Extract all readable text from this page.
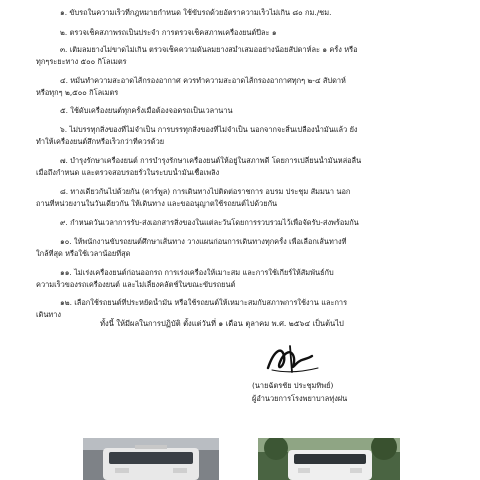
๑. ขับรถในความเร็วที่กฎหมายกำหนด ใช้ขับรถด้วยอัตราความเร็วไม่เกิน ๘๐ กม./ชม.
๒. ตรวจเช็คสภาพรถเป็นประจำ การตรวจเช็คสภาพเครื่องยนต์ปีละ ๑
๓. เติมลมยางไม่ขาดไม่เกิน ตรวจเช็คความดันลมยางสม่ำเสมออย่างน้อยสัปดาห์ละ ๑ ครั้ง หรือ
ทุกๆระยะทาง ๕๐๐ กิโลเมตร
๔. หมั่นทำความสะอาดไส้กรองอากาศ ควรทำความสะอาดไส้กรองอากาศทุกๆ ๒-๔ สัปดาห์
หรือทุกๆ ๒,๕๐๐ กิโลเมตร
๕. ใช้ดับเครื่องยนต์ทุกครั้งเมื่อต้องจอดรถเป็นเวลานาน
๖. ไม่บรรทุกสิ่งของที่ไม่จำเป็น การบรรทุกสิ่งของที่ไม่จำเป็น นอกจากจะสิ้นเปลืองน้ำมันแล้ว ยัง
ทำให้เครื่องยนต์สึกหรือเร็วกว่าที่ควรด้วย
๗. บำรุงรักษาเครื่องยนต์ การบำรุงรักษาเครื่องยนต์ให้อยู่ในสภาพดี โดยการเปลี่ยนน้ำมันหล่อลื่น
เมื่อถึงกำหนด และตรวจสอบรอยรั่วในระบบน้ำมันเชื้อเพลิง
๘. ทางเดียวกันไปด้วยกัน (คาร์พูล) การเดินทางไปติดต่อราชการ อบรม ประชุม สัมมนา นอก
ถานที่หน่วยงานในวันเดียวกัน ให้เดินทาง และขออนุญาตใช้รถยนต์ไปด้วยกัน
๙. กำหนดวันเวลาการรับ-ส่งเอกสารสิ่งของในแต่ละวันโดยการรวบรวมไว้เพื่อจัดรับ-ส่งพร้อมกัน
๑๐. ให้พนักงานขับรถยนต์ศึกษาเส้นทาง วางแผนก่อนการเดินทางทุกครั้ง เพื่อเลือกเส้นทางที่
ใกล้ที่สุด หรือใช้เวลาน้อยที่สุด
๑๑. ไม่เร่งเครื่องยนต์ก่อนออกรถ การเร่งเครื่องให้เมาะสม และการใช้เกียร์ให้สัมพันธ์กับ
ความเร็วของรถเครื่องยนต์ และไม่เลี้ยงคลัตช์ในขณะขับรถยนต์
๑๒. เลือกใช้รถยนต์ที่ประหยัดน้ำมัน หรือใช้รถยนต์ให้เหมาะสมกับสภาพการใช้งาน และการ
เดินทาง
ทั้งนี้ ให้มีผลในการปฏิบัติ ตั้งแต่วันที่ ๑ เดือน ตุลาคม พ.ศ. ๒๕๖๔ เป็นต้นไป
(นายฉัตรชัย ประชุมทิพย์)
ผู้อำนวยการโรงพยาบาลทุ่งฝน
